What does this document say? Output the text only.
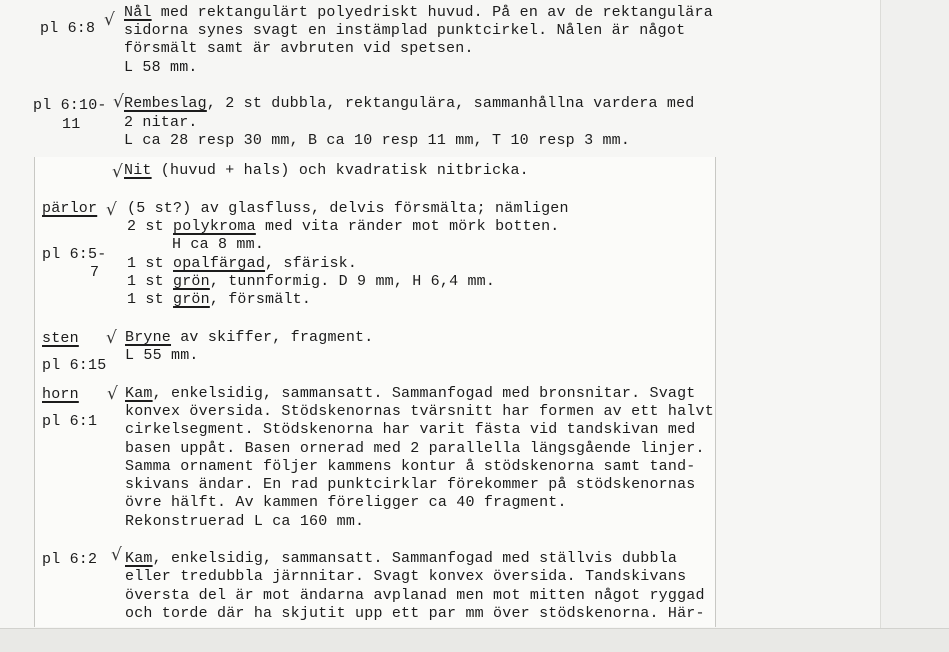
pl 6:8 √ Nål med rektangulärt polyedriskt huvud. På en av de rektangulära
sidorna synes svagt en instämplad punktcirkel. Nålen är något
försmält samt är avbruten vid spetsen.
L 58 mm.
pl 6:10-
11
√ Rembeslag, 2 st dubbla, rektangulära, sammanhållna vardera med
2 nitar.
L ca 28 resp 30 mm, B ca 10 resp 11 mm, T 10 resp 3 mm.
√ Nit (huvud + hals) och kvadratisk nitbricka.
pärlor
pl 6:5-
7
√ (5 st?) av glasfluss, delvis försmälta; nämligen
2 st polykroma med vita ränder mot mörk botten.
H ca 8 mm.
1 st opalfärgad, sfärisk.
1 st grön, tunnformig. D 9 mm, H 6,4 mm.
1 st grön, försmält.
sten
pl 6:15
√ Bryne av skiffer, fragment.
L 55 mm.
horn
pl 6:1
√ Kam, enkelsidig, sammansatt. Sammanfogad med bronsnitar. Svagt
konvex översida. Stödskenornas tvärsnitt har formen av ett halvt
cirkelsegment. Stödskenorna har varit fästa vid tandskivan med
basen uppåt. Basen ornerad med 2 parallella längsgående linjer.
Samma ornament följer kammens kontur å stödskenorna samt tand-
skivans ändar. En rad punktcirklar förekommer på stödskenornas
övre hälft. Av kammen föreligger ca 40 fragment.
Rekonstruerad L ca 160 mm.
pl 6:2 √ Kam, enkelsidig, sammansatt. Sammanfogad med ställvis dubbla
eller tredubbla järnnitar. Svagt konvex översida. Tandskivans
översta del är mot ändarna avplanad men mot mitten något ryggad
och torde där ha skjutit upp ett par mm över stödskenorna. Här-
